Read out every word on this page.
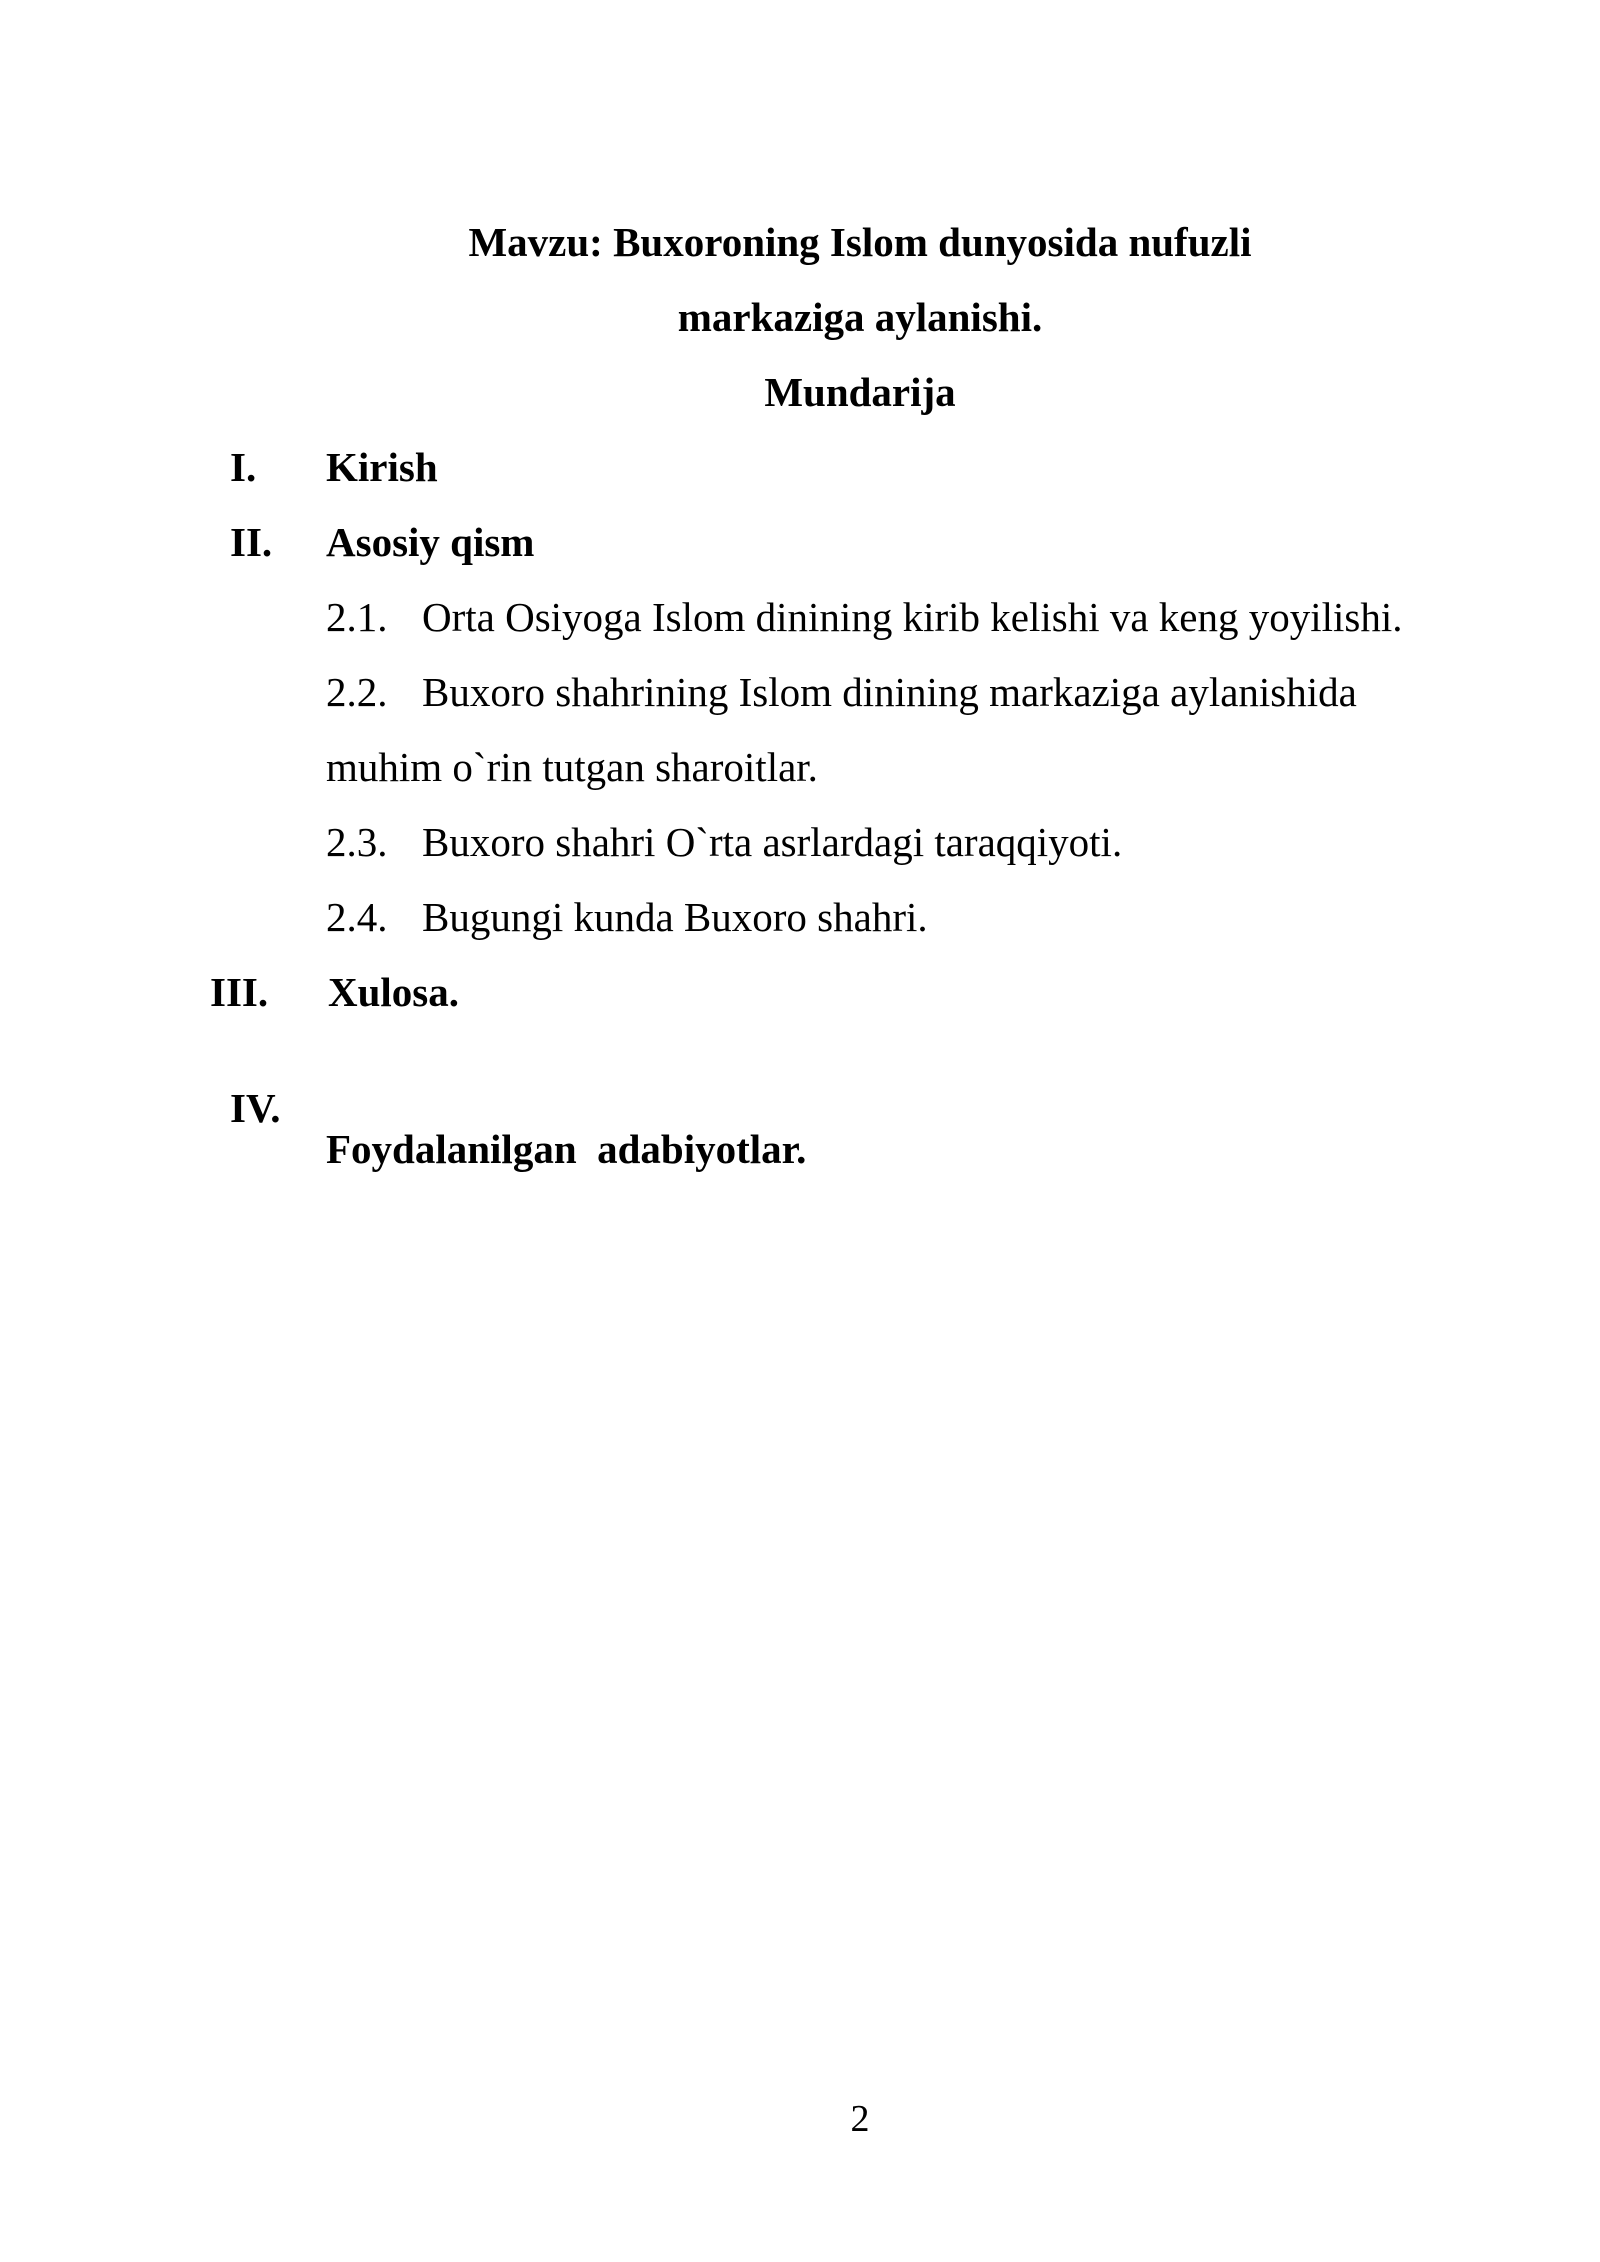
Mavzu: Buxoroning Islom dunyosida nufuzli
markaziga aylanishi.
Mundarija
I. Kirish
II. Asosiy qism
2.1. Orta Osiyoga Islom dinining kirib kelishi va keng yoyilishi.
2.2. Buxoro shahrining Islom dinining markaziga aylanishida
muhim o`rin tutgan sharoitlar.
2.3. Buxoro shahri O`rta asrlardagi taraqqiyoti.
2.4. Bugungi kunda Buxoro shahri.
III. Xulosa.

IV.

Foydalanilgan  adabiyotlar.

2
